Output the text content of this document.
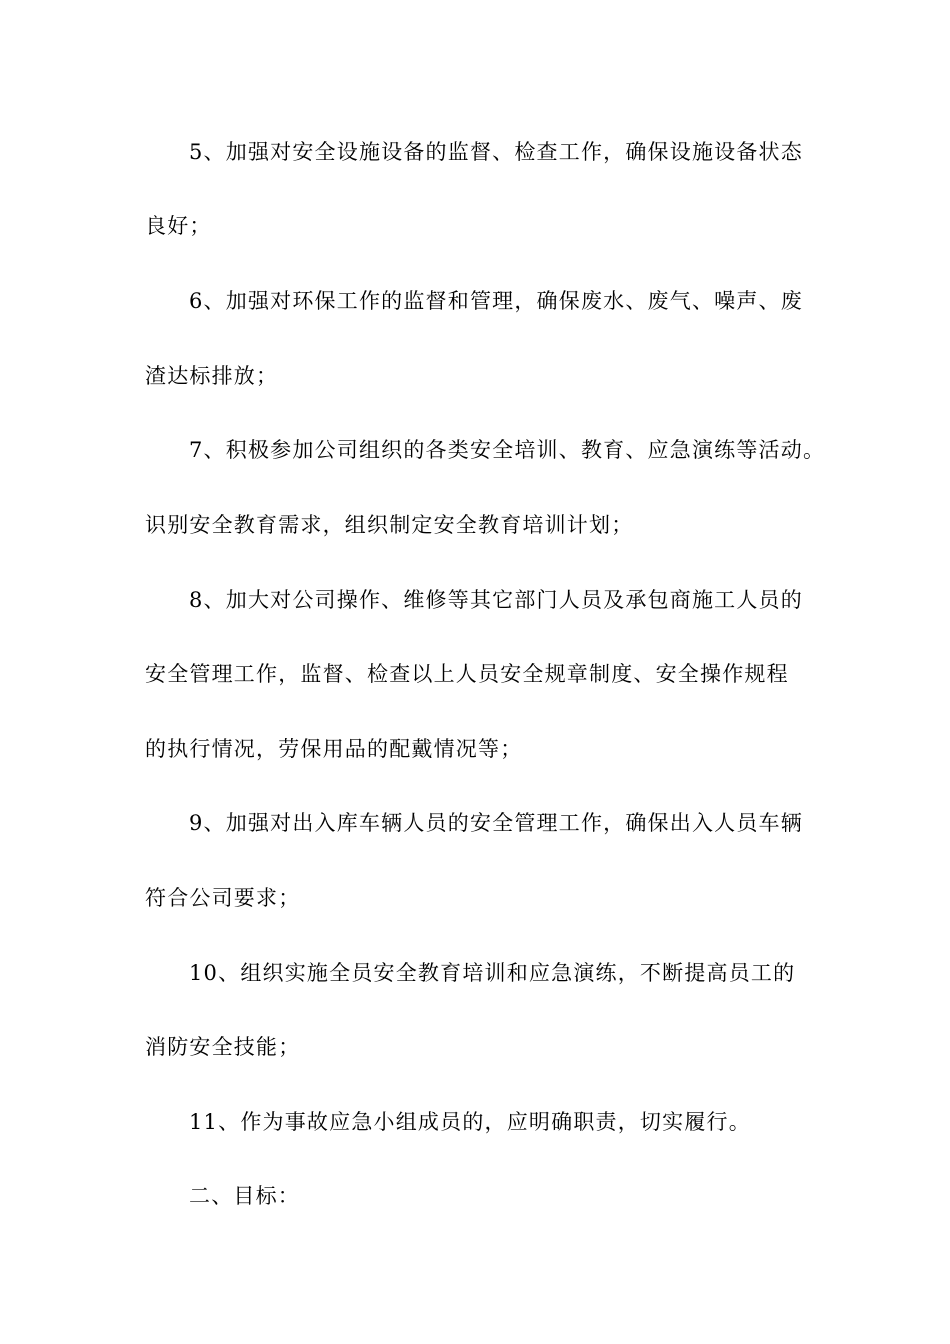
5、加强对安全设施设备的监督、检查工作，确保设施设备状态
良好；
6、加强对环保工作的监督和管理，确保废水、废气、噪声、废
渣达标排放；
7、积极参加公司组织的各类安全培训、教育、应急演练等活动。
识别安全教育需求，组织制定安全教育培训计划；
8、加大对公司操作、维修等其它部门人员及承包商施工人员的
安全管理工作，监督、检查以上人员安全规章制度、安全操作规程
的执行情况，劳保用品的配戴情况等；
9、加强对出入库车辆人员的安全管理工作，确保出入人员车辆
符合公司要求；
10、组织实施全员安全教育培训和应急演练，不断提高员工的
消防安全技能；
11、作为事故应急小组成员的，应明确职责，切实履行。
二、目标：
